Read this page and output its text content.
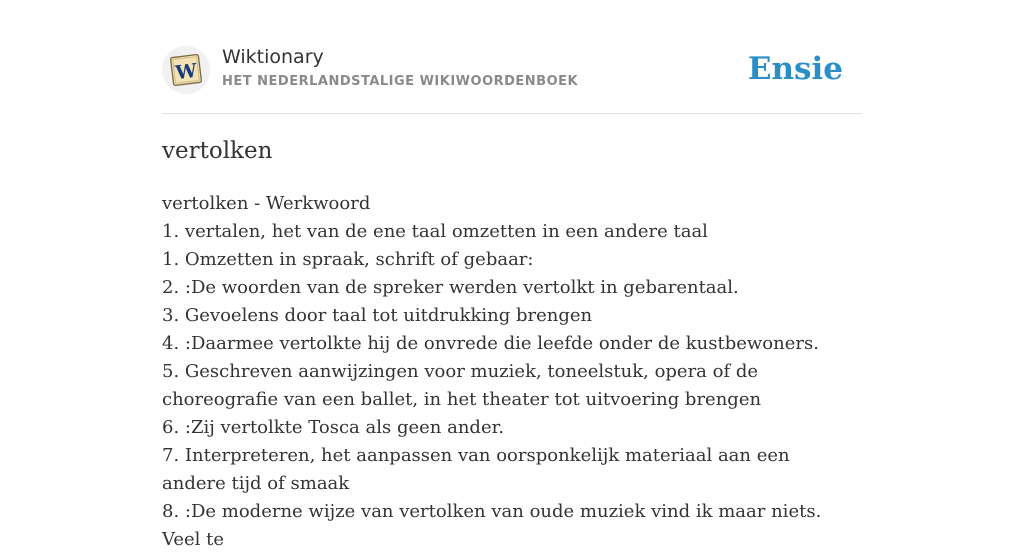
W
Wiktionary
HET NEDERLANDSTALIGE WIKIWOORDENBOEK	Ensie
vertolken
vertolken - Werkwoord
1. vertalen, het van de ene taal omzetten in een andere taal
1. Omzetten in spraak, schrift of gebaar:
2. :De woorden van de spreker werden vertolkt in gebarentaal.
3. Gevoelens door taal tot uitdrukking brengen
4. :Daarmee vertolkte hij de onvrede die leefde onder de kustbewoners.
5. Geschreven aanwijzingen voor muziek, toneelstuk, opera of de choreografie van een ballet, in het theater tot uitvoering brengen
6. :Zij vertolkte Tosca als geen ander.
7. Interpreteren, het aanpassen van oorsponkelijk materiaal aan een andere tijd of smaak
8. :De moderne wijze van vertolken van oude muziek vind ik maar niets. Veel te
